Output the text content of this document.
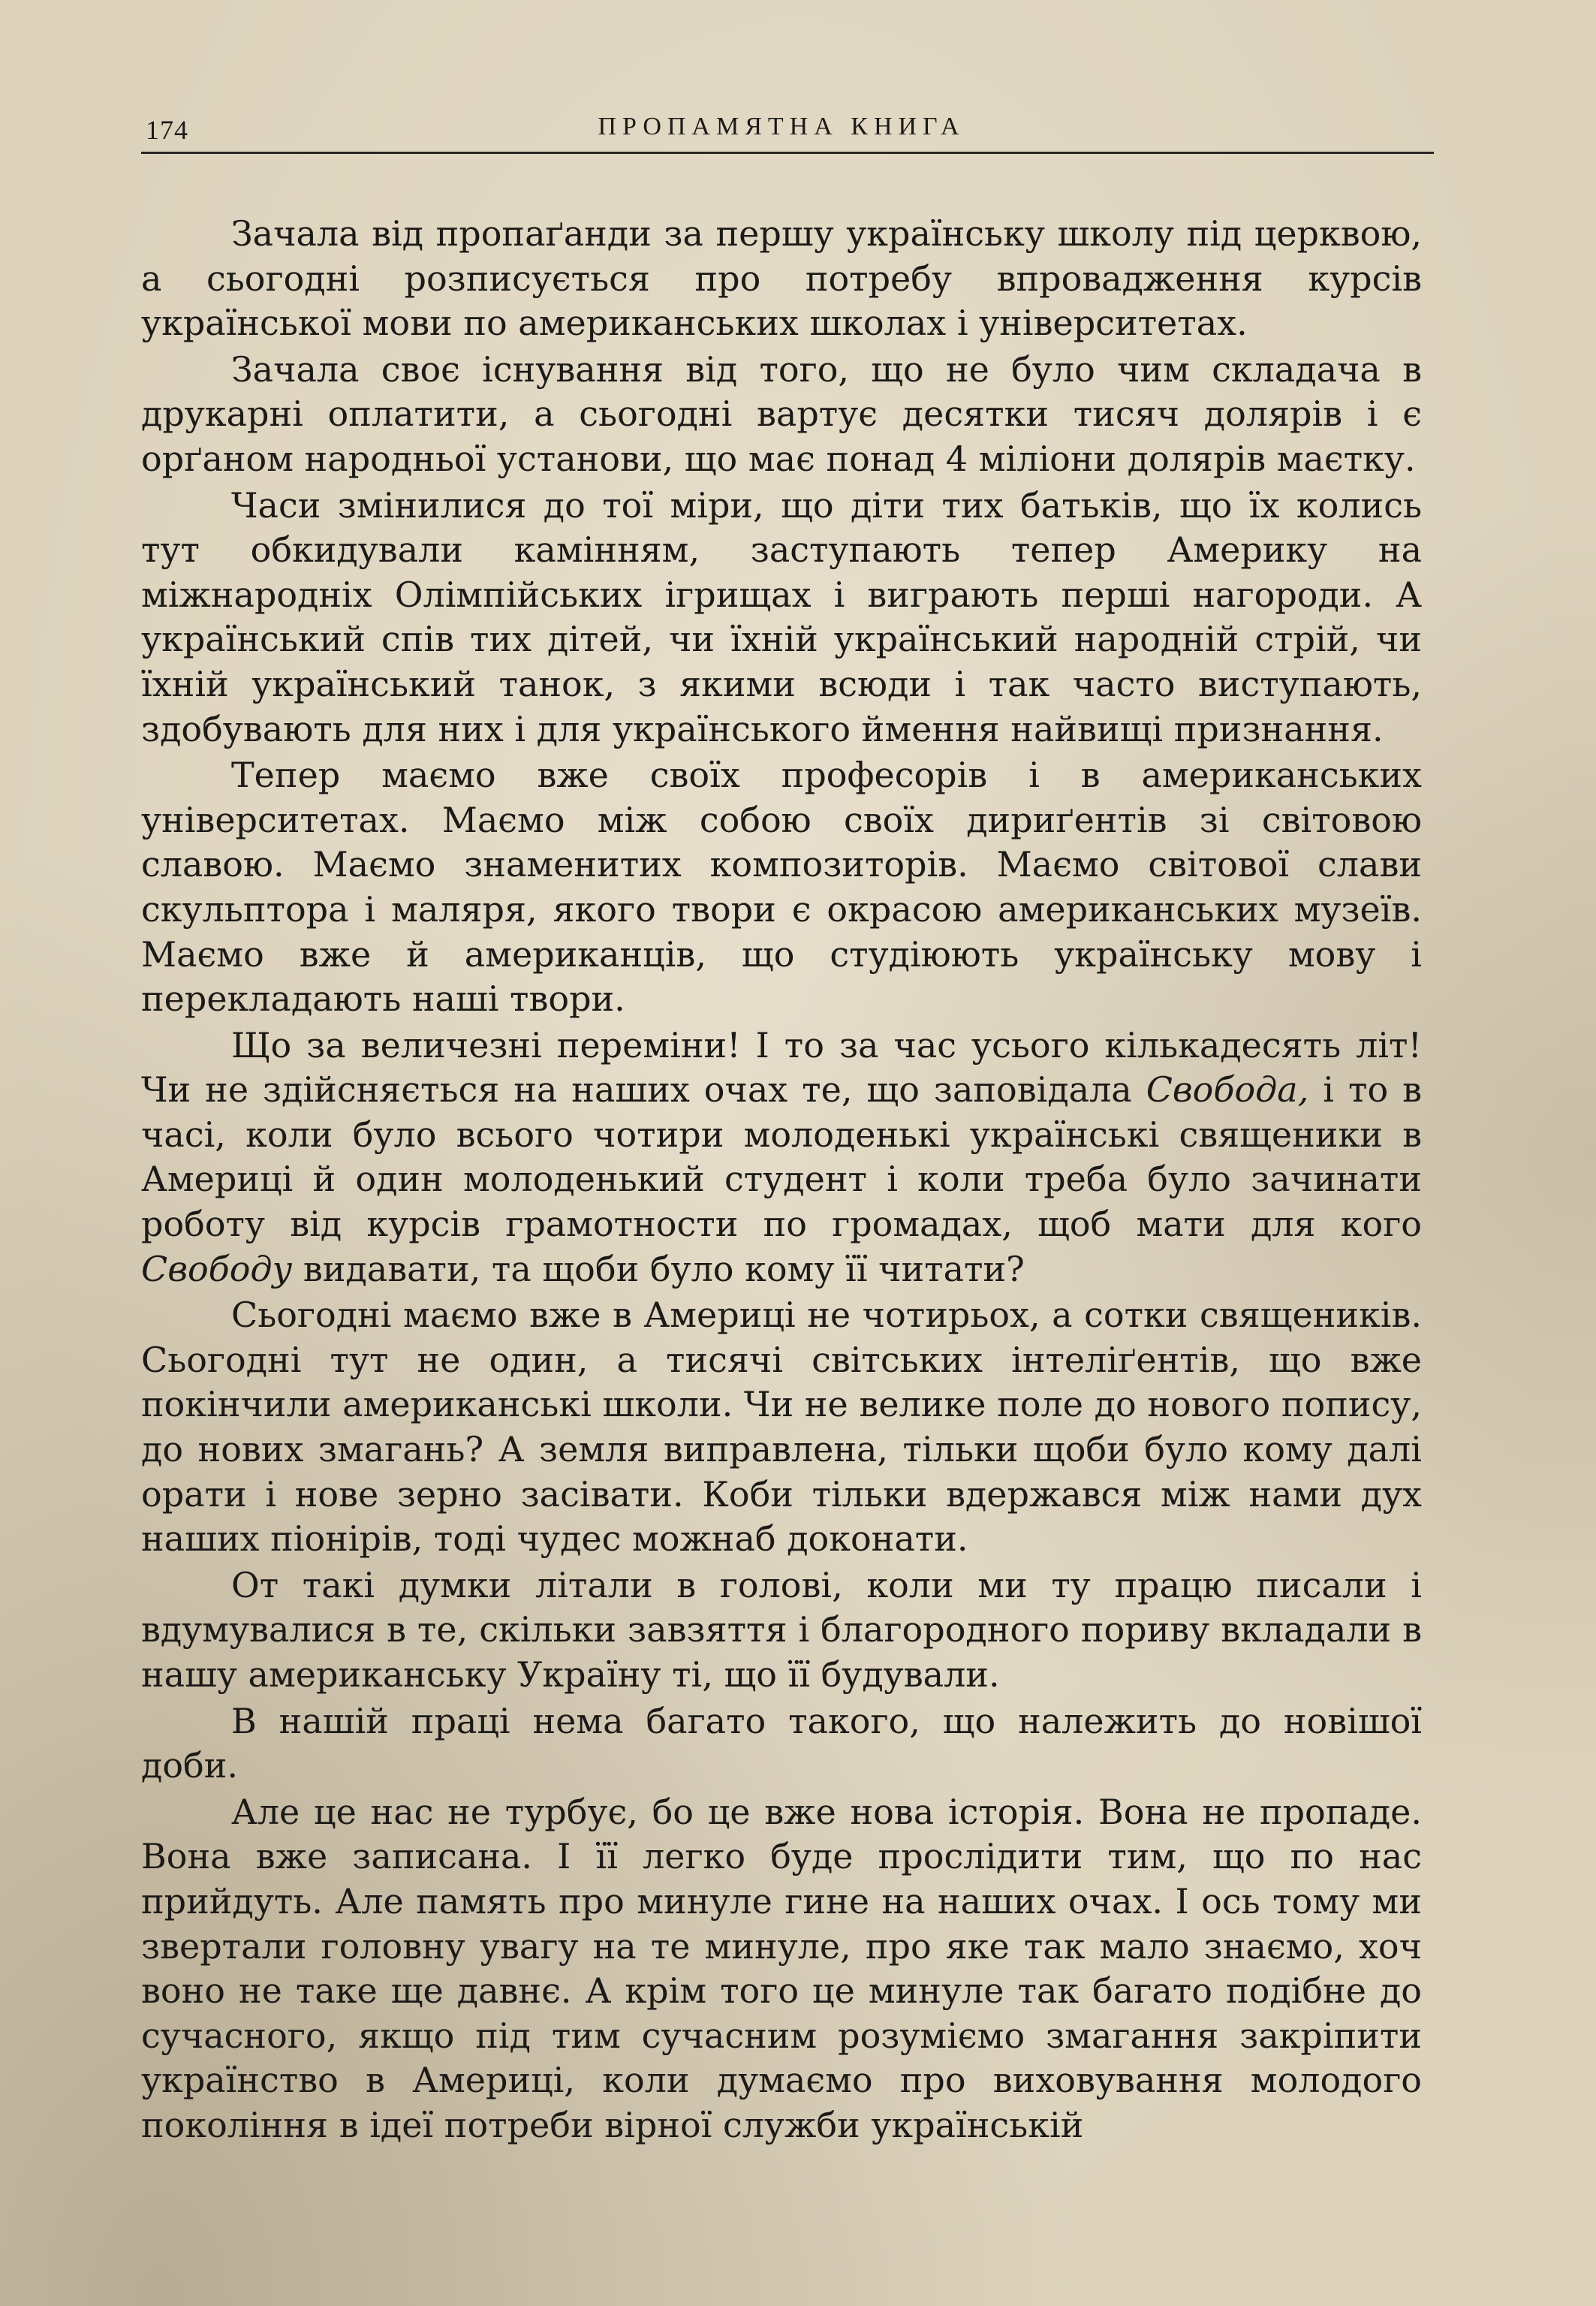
174	ПРОПАМЯТНА КНИГА

Зачала від пропаґанди за першу українську школу під церквою, а сьогодні розписується про потребу впровадження курсів української мови по американських школах і університетах.

Зачала своє існування від того, що не було чим складача в друкарні оплатити, а сьогодні вартує десятки тисяч долярів і є орґаном народньої установи, що має понад 4 міліони долярів маєтку.

Часи змінилися до тої міри, що діти тих батьків, що їх колись тут обкидували камінням, заступають тепер Америку на міжнародніх Олімпійських ігрищах і виграють перші нагороди. А український спів тих дітей, чи їхній український народній стрій, чи їхній український танок, з якими всюди і так часто виступають, здобувають для них і для українського ймення найвищі признання.

Тепер маємо вже своїх професорів і в американських університетах. Маємо між собою своїх дириґентів зі світовою славою. Маємо знаменитих композиторів. Маємо світової слави скульптора і маляря, якого твори є окрасою американських музеїв. Маємо вже й американців, що студіюють українську мову і перекладають наші твори.

Що за величезні переміни! І то за час усього кількадесять літ! Чи не здійсняється на наших очах те, що заповідала Свобода, і то в часі, коли було всього чотири молоденькі українські священики в Америці й один молоденький студент і коли треба було зачинати роботу від курсів грамотности по громадах, щоб мати для кого Свободу видавати, та щоби було кому її читати?

Сьогодні маємо вже в Америці не чотирьох, а сотки священиків. Сьогодні тут не один, а тисячі світських інтеліґентів, що вже покінчили американські школи. Чи не велике поле до нового попису, до нових змагань? А земля виправлена, тільки щоби було кому далі орати і нове зерно засівати. Коби тільки вдержався між нами дух наших піонірів, тоді чудес можнаб доконати.

От такі думки літали в голові, коли ми ту працю писали і вдумувалися в те, скільки завзяття і благородного пориву вкладали в нашу американську Україну ті, що її будували.

В нашій праці нема багато такого, що належить до новішої доби.

Але це нас не турбує, бо це вже нова історія. Вона не пропаде. Вона вже записана. І її легко буде прослідити тим, що по нас прийдуть. Але память про минуле гине на наших очах. І ось тому ми звертали головну увагу на те минуле, про яке так мало знаємо, хоч воно не таке ще давнє. А крім того це минуле так багато подібне до сучасного, якщо під тим сучасним розуміємо змагання закріпити українство в Америці, коли думаємо про виховування молодого покоління в ідеї потреби вірної служби українській
